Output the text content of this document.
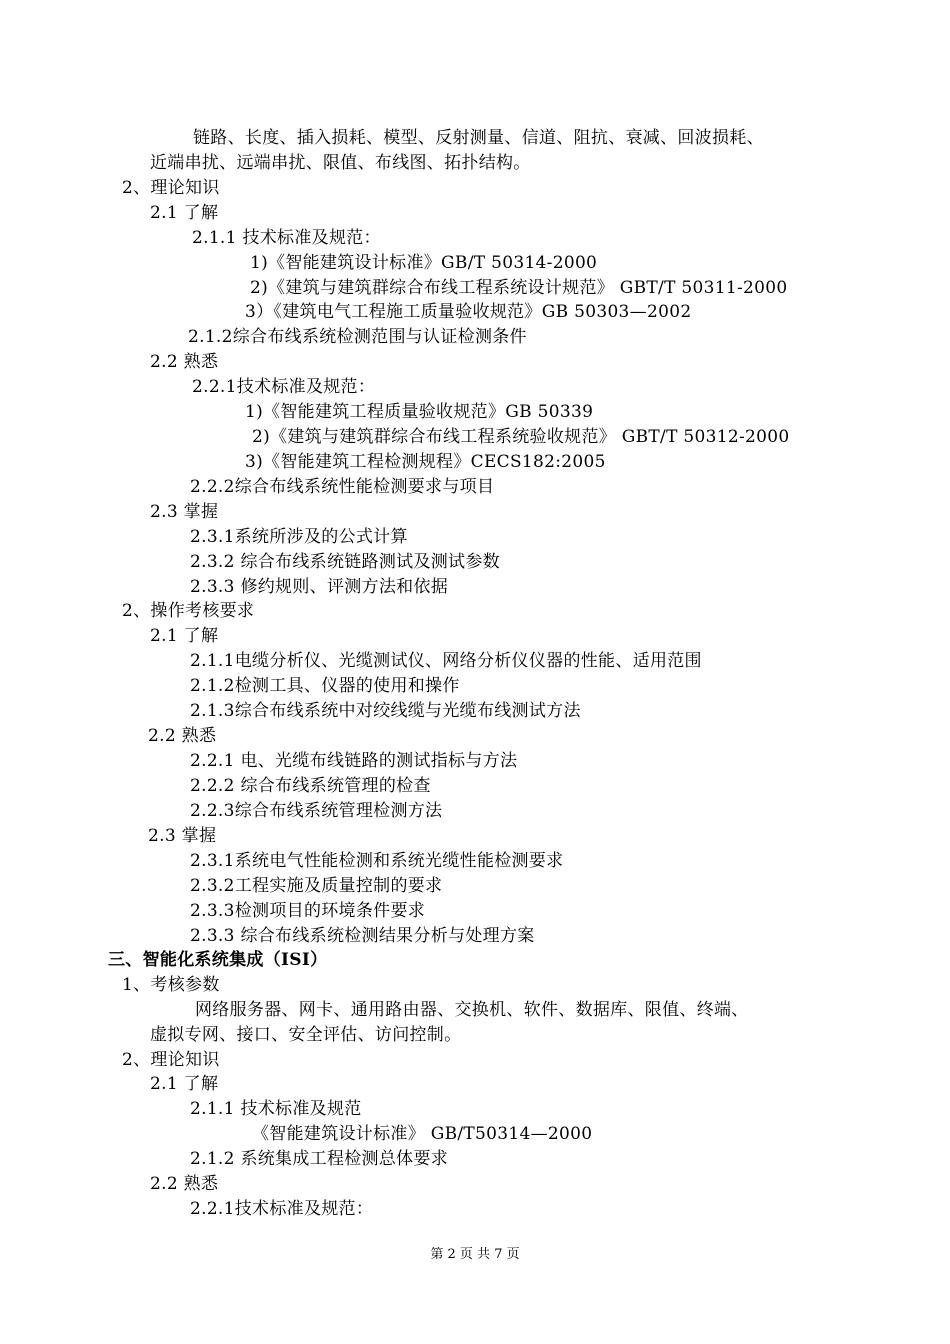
链路、长度、插入损耗、模型、反射测量、信道、阻抗、衰减、回波损耗、
近端串扰、远端串扰、限值、布线图、拓扑结构。
2、理论知识
2.1 了解
2.1.1 技术标准及规范：
1)《智能建筑设计标准》GB/T 50314-2000
2)《建筑与建筑群综合布线工程系统设计规范》 GBT/T 50311-2000
3）《建筑电气工程施工质量验收规范》GB 50303—2002
2.1.2综合布线系统检测范围与认证检测条件
2.2 熟悉
2.2.1技术标准及规范：
1)《智能建筑工程质量验收规范》GB 50339
2)《建筑与建筑群综合布线工程系统验收规范》 GBT/T 50312-2000
3)《智能建筑工程检测规程》CECS182:2005
2.2.2综合布线系统性能检测要求与项目
2.3 掌握
2.3.1系统所涉及的公式计算
2.3.2 综合布线系统链路测试及测试参数
2.3.3 修约规则、评测方法和依据
2、操作考核要求
2.1 了解
2.1.1电缆分析仪、光缆测试仪、网络分析仪仪器的性能、适用范围
2.1.2检测工具、仪器的使用和操作
2.1.3综合布线系统中对绞线缆与光缆布线测试方法
2.2 熟悉
2.2.1 电、光缆布线链路的测试指标与方法
2.2.2 综合布线系统管理的检查
2.2.3综合布线系统管理检测方法
2.3 掌握
2.3.1系统电气性能检测和系统光缆性能检测要求
2.3.2工程实施及质量控制的要求
2.3.3检测项目的环境条件要求
2.3.3 综合布线系统检测结果分析与处理方案
三、智能化系统集成（ISI）
1、考核参数
网络服务器、网卡、通用路由器、交换机、软件、数据库、限值、终端、
虚拟专网、接口、安全评估、访问控制。
2、理论知识
2.1 了解
2.1.1 技术标准及规范
《智能建筑设计标准》 GB/T50314—2000
2.1.2 系统集成工程检测总体要求
2.2 熟悉
2.2.1技术标准及规范：
第 2 页 共 7 页
